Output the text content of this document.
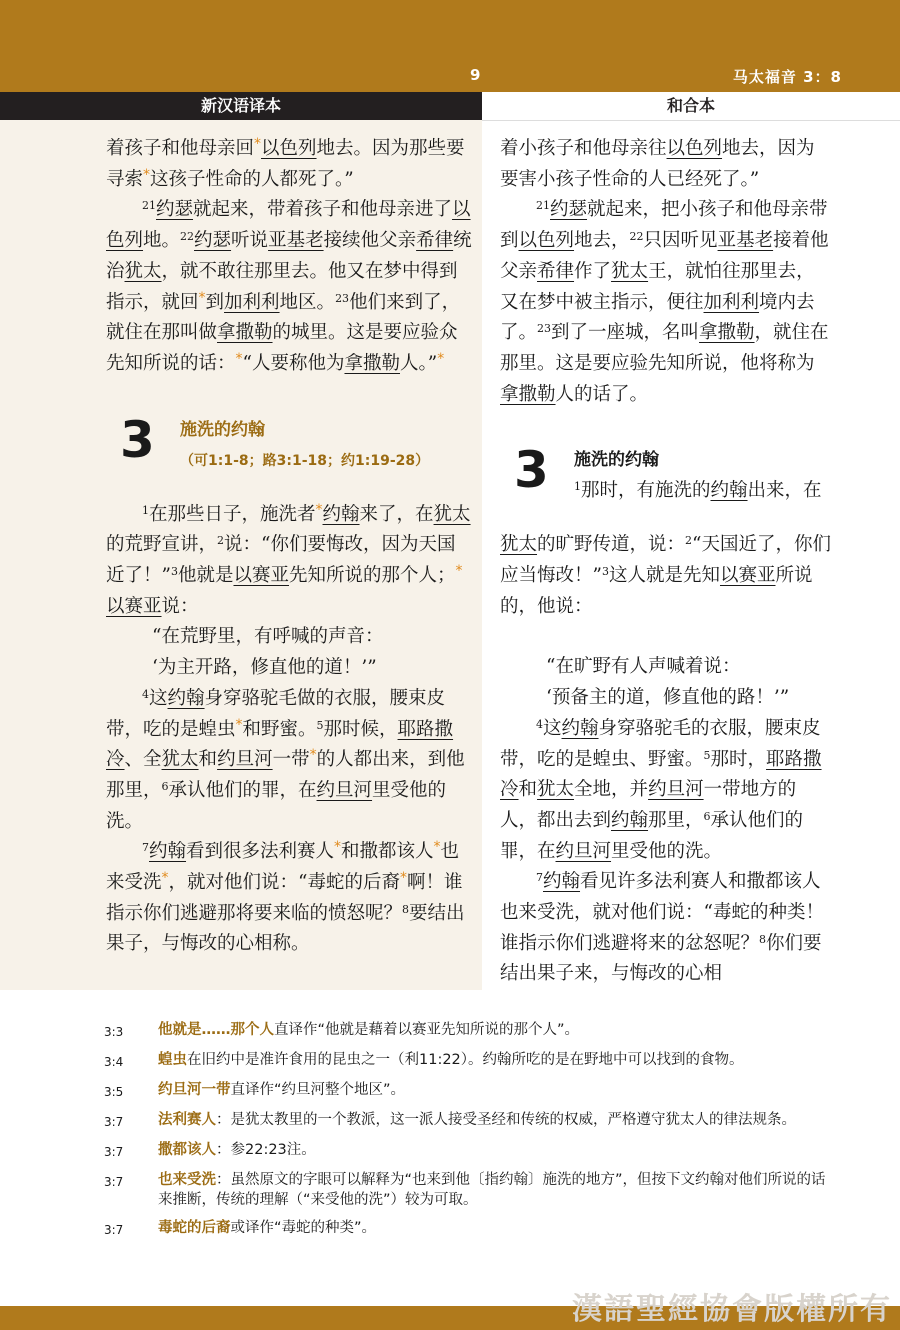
9	马太福音 3：8
新汉语译本	和合本

着孩子和他母亲回*以色列地去。因为那些要寻索*这孩子性命的人都死了。”

$^{21}$约瑟就起来，带着孩子和他母亲进了以色列地。$^{22}$约瑟听说亚基老接续他父亲希律统治犹太，就不敢往那里去。他又在梦中得到指示，就回*到加利利地区。$^{23}$他们来到了，就住在那叫做拿撒勒的城里。这是要应验众先知所说的话：*“人要称他为拿撒勒人。”*

3 施洗的约翰
（可1:1-8；路3:1-18；约1:19-28）

$^1$在那些日子，施洗者*约翰来了，在犹太的荒野宣讲，$^2$说：“你们要悔改，因为天国近了！”$^3$他就是以赛亚先知所说的那个人；*以赛亚说：

“在荒野里，有呼喊的声音：

‘为主开路，修直他的道！’”

$^4$这约翰身穿骆驼毛做的衣服，腰束皮带，吃的是蝗虫*和野蜜。$^5$那时候，耶路撒冷、全犹太和约旦河一带*的人都出来，到他那里，$^6$承认他们的罪，在约旦河里受他的洗。

$^7$约翰看到很多法利赛人*和撒都该人*也来受洗*，就对他们说：“毒蛇的后裔*啊！谁指示你们逃避那将要来临的愤怒呢？$^8$要结出果子，与悔改的心相称。

着小孩子和他母亲往以色列地去，因为要害小孩子性命的人已经死了。”

$^{21}$约瑟就起来，把小孩子和他母亲带到以色列地去，$^{22}$只因听见亚基老接着他父亲希律作了犹太王，就怕往那里去，又在梦中被主指示，便往加利利境内去了。$^{23}$到了一座城，名叫拿撒勒，就住在那里。这是要应验先知所说，他将称为拿撒勒人的话了。

3 施洗的约翰
$^1$那时，有施洗的约翰出来，在

犹太的旷野传道，说：$^2$“天国近了，你们应当悔改！”$^3$这人就是先知以赛亚所说的，他说：

“在旷野有人声喊着说：

‘预备主的道，修直他的路！’”

$^4$这约翰身穿骆驼毛的衣服，腰束皮带，吃的是蝗虫、野蜜。$^5$那时，耶路撒冷和犹太全地，并约旦河一带地方的人，都出去到约翰那里，$^6$承认他们的罪，在约旦河里受他的洗。

$^7$约翰看见许多法利赛人和撒都该人也来受洗，就对他们说：“毒蛇的种类！谁指示你们逃避将来的忿怒呢？$^8$你们要结出果子来，与悔改的心相

3:3	他就是……那个人直译作“他就是藉着以赛亚先知所说的那个人”。
3:4	蝗虫在旧约中是准许食用的昆虫之一（利11:22）。约翰所吃的是在野地中可以找到的食物。
3:5	约旦河一带直译作“约旦河整个地区”。
3:7	法利赛人：是犹太教里的一个教派，这一派人接受圣经和传统的权威，严格遵守犹太人的律法规条。
3:7	撒都该人：参22:23注。
3:7	也来受洗：虽然原文的字眼可以解释为“也来到他〔指约翰〕施洗的地方”，但按下文约翰对他们所说的话来推断，传统的理解（“来受他的洗”）较为可取。
3:7	毒蛇的后裔或译作“毒蛇的种类”。
漢語聖經協會版權所有
